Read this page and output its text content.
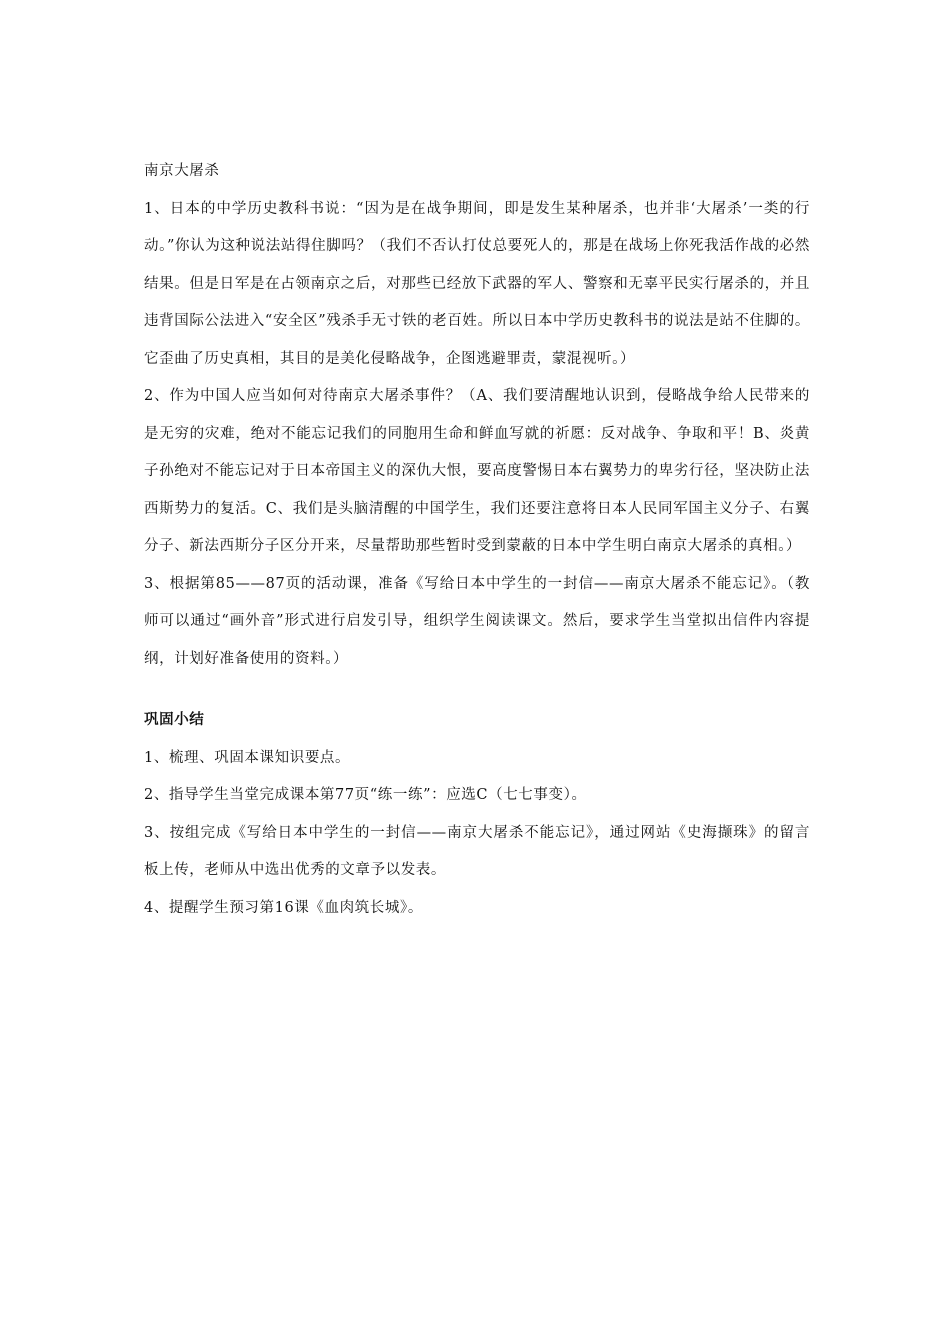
南京大屠杀

1、日本的中学历史教科书说：“因为是在战争期间，即是发生某种屠杀，也并非‘大屠杀’一类的行动。”你认为这种说法站得住脚吗？（我们不否认打仗总要死人的，那是在战场上你死我活作战的必然结果。但是日军是在占领南京之后，对那些已经放下武器的军人、警察和无辜平民实行屠杀的，并且违背国际公法进入“安全区”残杀手无寸铁的老百姓。所以日本中学历史教科书的说法是站不住脚的。它歪曲了历史真相，其目的是美化侵略战争，企图逃避罪责，蒙混视听。）

2、作为中国人应当如何对待南京大屠杀事件？（A、我们要清醒地认识到，侵略战争给人民带来的是无穷的灾难，绝对不能忘记我们的同胞用生命和鲜血写就的祈愿：反对战争、争取和平！B、炎黄子孙绝对不能忘记对于日本帝国主义的深仇大恨，要高度警惕日本右翼势力的卑劣行径，坚决防止法西斯势力的复活。C、我们是头脑清醒的中国学生，我们还要注意将日本人民同军国主义分子、右翼分子、新法西斯分子区分开来，尽量帮助那些暂时受到蒙蔽的日本中学生明白南京大屠杀的真相。）

3、根据第85——87页的活动课，准备《写给日本中学生的一封信——南京大屠杀不能忘记》。（教师可以通过“画外音”形式进行启发引导，组织学生阅读课文。然后，要求学生当堂拟出信件内容提纲，计划好准备使用的资料。）

巩固小结

1、梳理、巩固本课知识要点。

2、指导学生当堂完成课本第77页“练一练”：应选C（七七事变）。

3、按组完成《写给日本中学生的一封信——南京大屠杀不能忘记》，通过网站《史海撷珠》的留言板上传，老师从中选出优秀的文章予以发表。

4、提醒学生预习第16课《血肉筑长城》。
